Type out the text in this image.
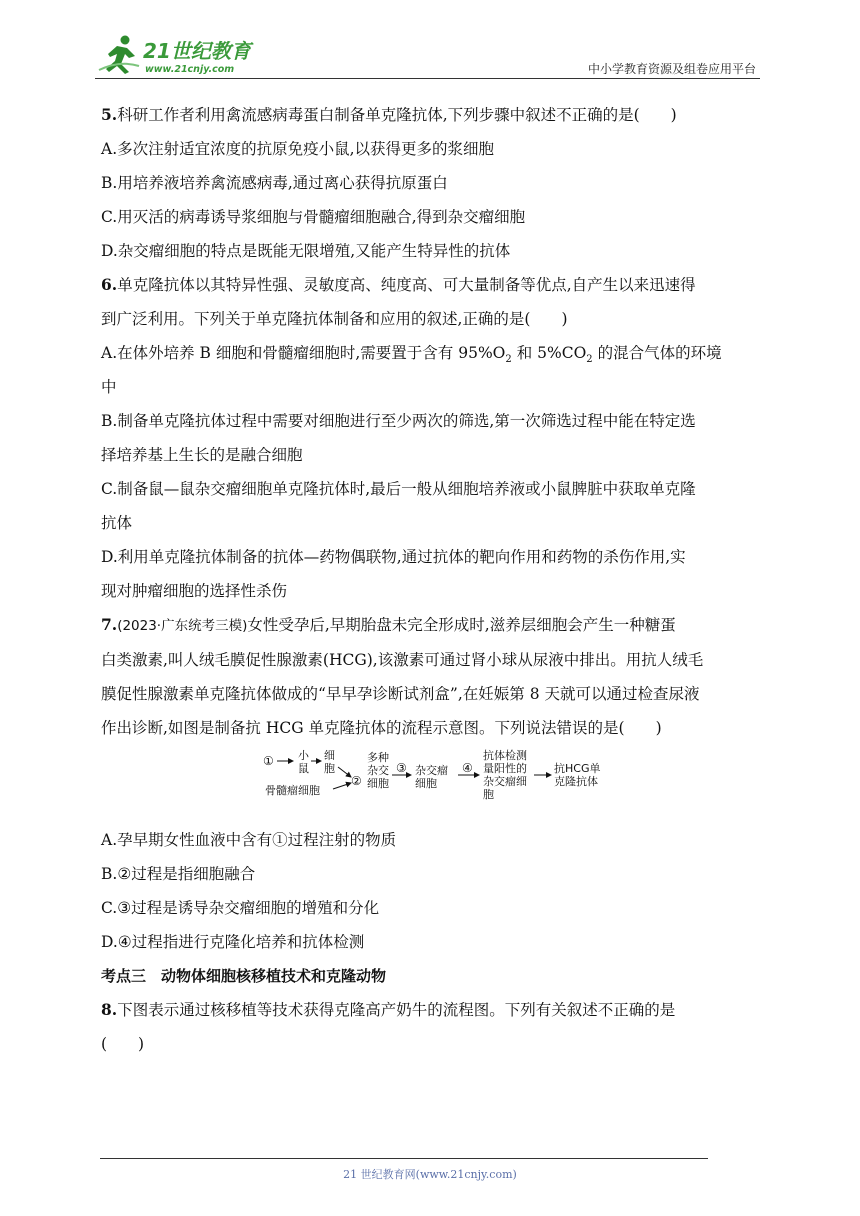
21世纪教育
www.21cnjy.com	中小学教育资源及组卷应用平台

5.科研工作者利用禽流感病毒蛋白制备单克隆抗体,下列步骤中叙述不正确的是(　　)

A.多次注射适宜浓度的抗原免疫小鼠,以获得更多的浆细胞

B.用培养液培养禽流感病毒,通过离心获得抗原蛋白

C.用灭活的病毒诱导浆细胞与骨髓瘤细胞融合,得到杂交瘤细胞

D.杂交瘤细胞的特点是既能无限增殖,又能产生特异性的抗体

6.单克隆抗体以其特异性强、灵敏度高、纯度高、可大量制备等优点,自产生以来迅速得

到广泛利用。下列关于单克隆抗体制备和应用的叙述,正确的是(　　)

A.在体外培养 B 细胞和骨髓瘤细胞时,需要置于含有 $95\%O_2$ 和 $5\%CO_2$ 的混合气体的环境

中

B.制备单克隆抗体过程中需要对细胞进行至少两次的筛选,第一次筛选过程中能在特定选

择培养基上生长的是融合细胞

C.制备鼠—鼠杂交瘤细胞单克隆抗体时,最后一般从细胞培养液或小鼠脾脏中获取单克隆

抗体

D.利用单克隆抗体制备的抗体—药物偶联物,通过抗体的靶向作用和药物的杀伤作用,实

现对肿瘤细胞的选择性杀伤

7.(2023·广东统考三模)女性受孕后,早期胎盘未完全形成时,滋养层细胞会产生一种糖蛋

白类激素,叫人绒毛膜促性腺激素(HCG),该激素可通过肾小球从尿液中排出。用抗人绒毛

膜促性腺激素单克隆抗体做成的“早早孕诊断试剂盒”,在妊娠第 8 天就可以通过检查尿液

作出诊断,如图是制备抗 HCG 单克隆抗体的流程示意图。下列说法错误的是(　　)

① 小
鼠
细
胞
骨髓瘤细胞
②
多种
杂交
细胞
③ 杂交瘤
细胞
④
抗体检测
量阳性的
杂交瘤细
胞
抗HCG单
克隆抗体

A.孕早期女性血液中含有①过程注射的物质

B.②过程是指细胞融合

C.③过程是诱导杂交瘤细胞的增殖和分化

D.④过程指进行克隆化培养和抗体检测

考点三　动物体细胞核移植技术和克隆动物

8.下图表示通过核移植等技术获得克隆高产奶牛的流程图。下列有关叙述不正确的是

(　　)

21 世纪教育网(www.21cnjy.com)
